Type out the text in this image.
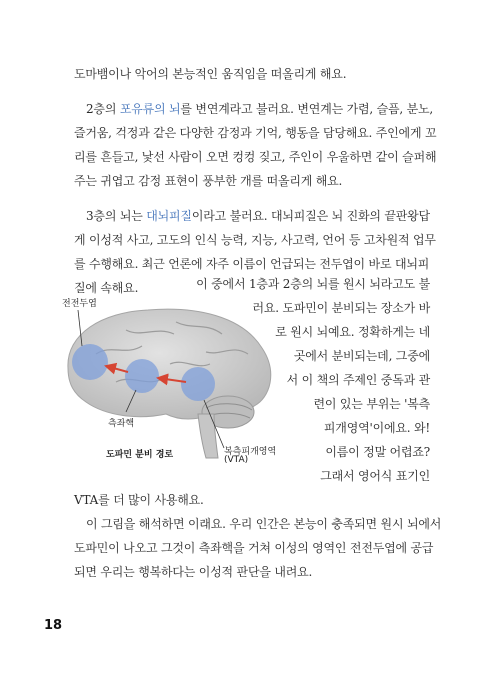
도마뱀이나 악어의 본능적인 움직임을 떠올리게 해요.
2층의 포유류의 뇌를 변연계라고 불러요. 변연계는 가렴, 슬픔, 분노,
즐거움, 걱정과 같은 다양한 감정과 기억, 행동을 담당해요. 주인에게 꼬
리를 흔들고, 낯선 사람이 오면 컹컹 짖고, 주인이 우울하면 같이 슬퍼해
주는 귀엽고 감정 표현이 풍부한 개를 떠올리게 해요.
3층의 뇌는 대뇌피질이라고 불러요. 대뇌피질은 뇌 진화의 끝판왕답
게 이성적 사고, 고도의 인식 능력, 지능, 사고력, 언어 등 고차원적 업무
를 수행해요. 최근 언론에 자주 이름이 언급되는 전두엽이 바로 대뇌피
질에 속해요.	이 중에서 1층과 2층의 뇌를 원시 뇌라고도 불
러요. 도파민이 분비되는 장소가 바
로 원시 뇌예요. 정확하게는 네
곳에서 분비되는데, 그중에
서 이 책의 주제인 중독과 관
련이 있는 부위는 '복측
피개영역'이에요. 와!
이름이 정말 어렵죠?
그래서 영어식 표기인
VTA를 더 많이 사용해요.
이 그림을 해석하면 이래요. 우리 인간은 본능이 충족되면 원시 뇌에서
도파민이 나오고 그것이 측좌핵을 거쳐 이성의 영역인 전전두엽에 공급
되면 우리는 행복하다는 이성적 판단을 내려요.
전전두엽
측좌핵
복측피개영역
(VTA)
도파민 분비 경로
18
